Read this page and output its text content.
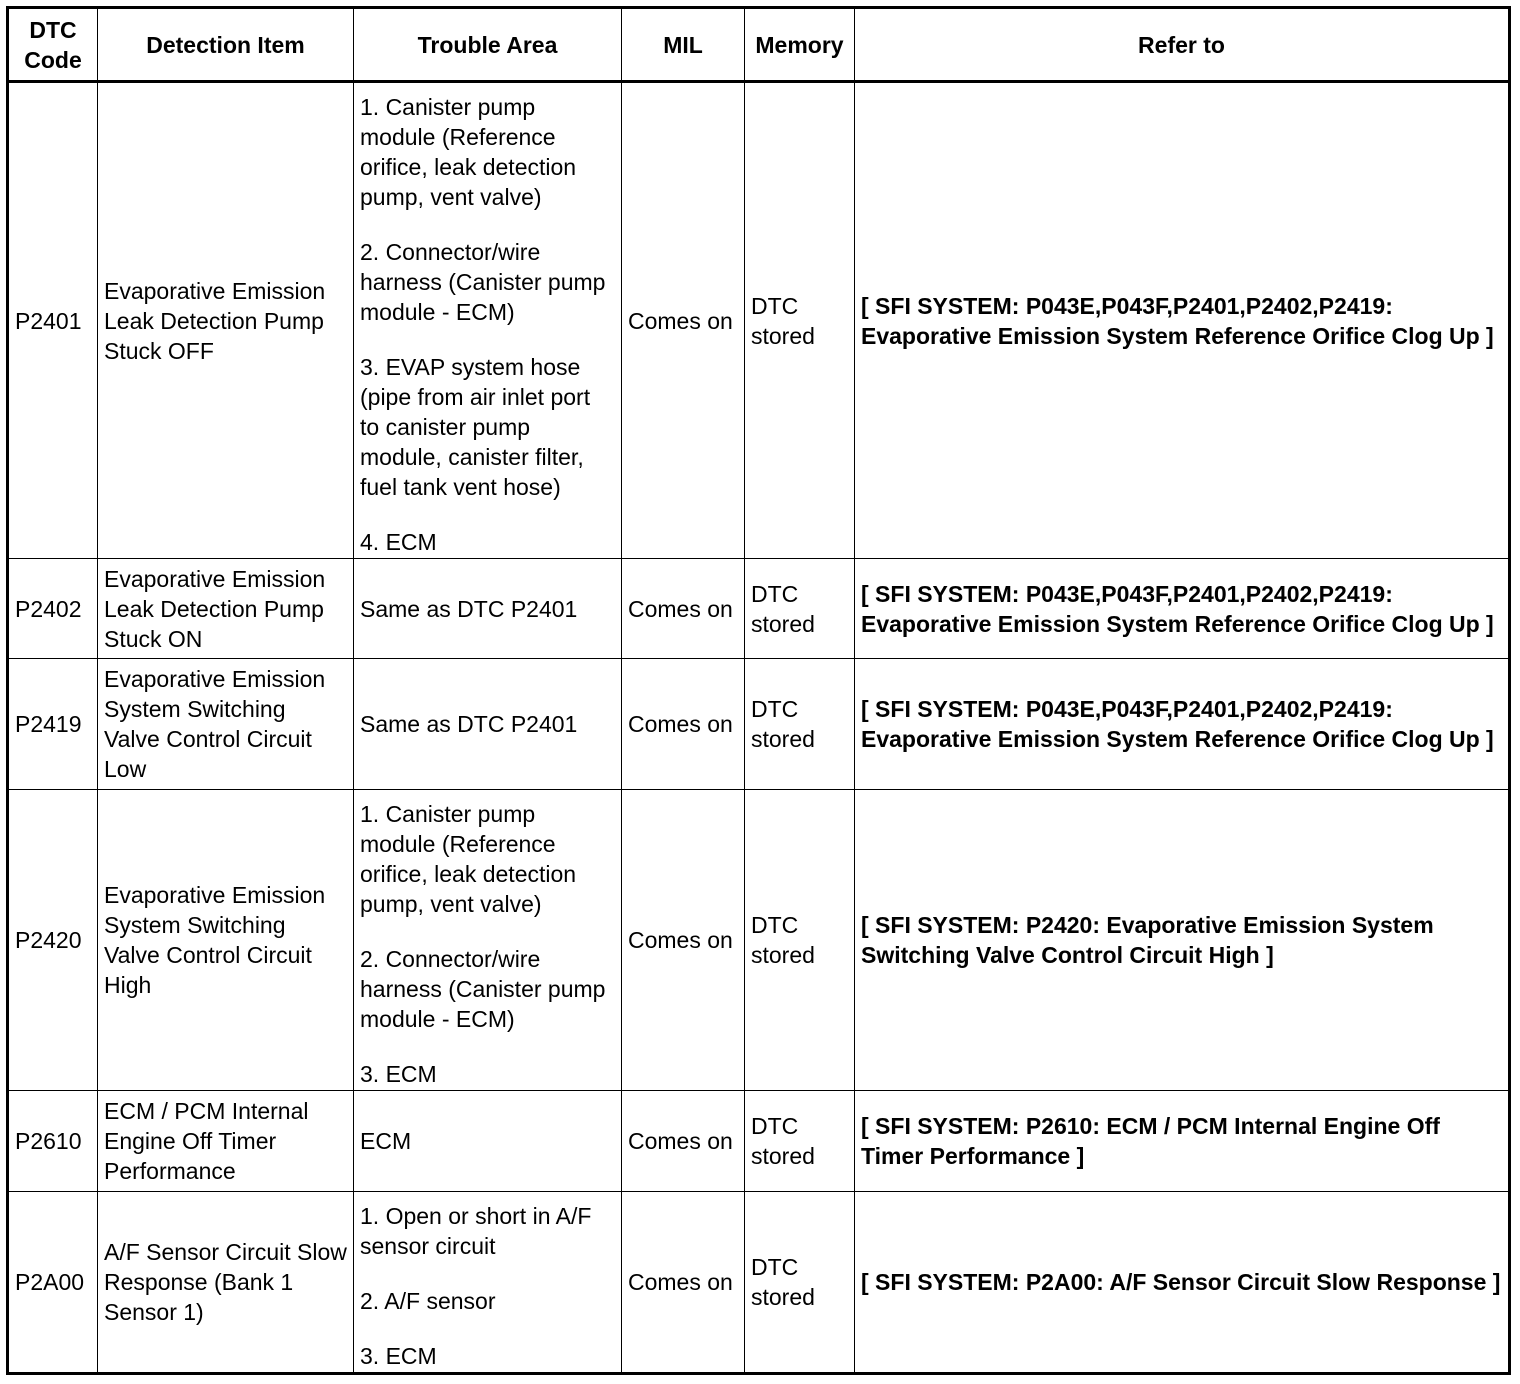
DTC Code	Detection Item	Trouble Area	MIL	Memory	Refer to
P2401	Evaporative Emission Leak Detection Pump Stuck OFF	1. Canister pump module (Reference orifice, leak detection pump, vent valve)
2. Connector/wire harness (Canister pump module - ECM)
3. EVAP system hose (pipe from air inlet port to canister pump module, canister filter, fuel tank vent hose)
4. ECM	Comes on	DTC stored	[ SFI SYSTEM: P043E,P043F,P2401,P2402,P2419: Evaporative Emission System Reference Orifice Clog Up ]
P2402	Evaporative Emission Leak Detection Pump Stuck ON	Same as DTC P2401	Comes on	DTC stored	[ SFI SYSTEM: P043E,P043F,P2401,P2402,P2419: Evaporative Emission System Reference Orifice Clog Up ]
P2419	Evaporative Emission System Switching Valve Control Circuit Low	Same as DTC P2401	Comes on	DTC stored	[ SFI SYSTEM: P043E,P043F,P2401,P2402,P2419: Evaporative Emission System Reference Orifice Clog Up ]
P2420	Evaporative Emission System Switching Valve Control Circuit High	1. Canister pump module (Reference orifice, leak detection pump, vent valve)
2. Connector/wire harness (Canister pump module - ECM)
3. ECM	Comes on	DTC stored	[ SFI SYSTEM: P2420: Evaporative Emission System Switching Valve Control Circuit High ]
P2610	ECM / PCM Internal Engine Off Timer Performance	ECM	Comes on	DTC stored	[ SFI SYSTEM: P2610: ECM / PCM Internal Engine Off Timer Performance ]
P2A00	A/F Sensor Circuit Slow Response (Bank 1 Sensor 1)	1. Open or short in A/F sensor circuit
2. A/F sensor
3. ECM	Comes on	DTC stored	[ SFI SYSTEM: P2A00: A/F Sensor Circuit Slow Response ]
